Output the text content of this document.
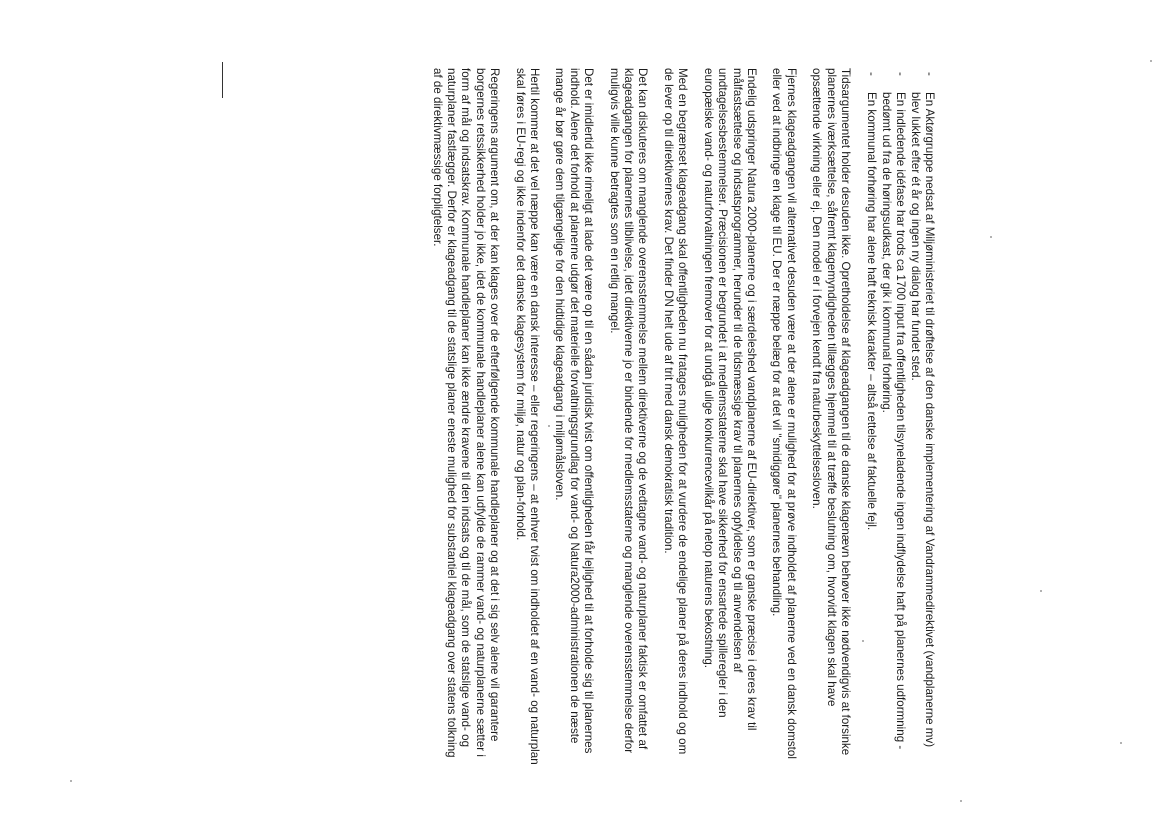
- En Aktørgruppe nedsat af Miljøministeriet til drøftelse af den danske implementering af Vandrammedirektivet (vandplanerne mv) blev lukket efter ét år og ingen ny dialog har fundet sted.
- En indledende idéfase har trods ca 1700 input fra offentligheden tilsyneladende ingen indflydelse haft på planernes udformning - bedømt ud fra de høringsudkast, der gik i kommunal forhøring.
- En kommunal forhøring har alene haft teknisk karakter – altså rettelse af faktuelle fejl.

Tidsargumentet holder desuden ikke. Opretholdelse af klageadgangen til de danske klagenævn behøver ikke nødvendigvis at forsinke planernes iværksættelse, såfremt klagemyndigheden tillægges hjemmel til at træffe beslutning om, hvorvidt klagen skal have opsættende virkning eller ej. Den model er i forvejen kendt fra naturbeskyttelsesloven.

Fjernes klageadgangen vil alternativet desuden være at der alene er mulighed for at prøve indholdet af planerne ved en dansk domstol eller ved at indbringe en klage til EU. Der er næppe belæg for at det vil "smidiggøre" planernes behandling.

Endelig udspringer Natura 2000-planerne og i særdeleshed vandplanerne af EU-direktiver, som er ganske præcise i deres krav til målfastsættelse og indsatsprogrammer, herunder til de tidsmæssige krav til planernes opfyldelse og til anvendelsen af undtagelsesbestemmelser. Præcisionen er begrundet i at medlemsstaterne skal have sikkerhed for ensartede spilleregler i den europæiske vand- og naturforvaltningen fremover for at undgå ulige konkurrencevilkår på netop naturens bekostning.

Med en begrænset klageadgang skal offentligheden nu fratages muligheden for at vurdere de endelige planer på deres indhold og om de lever op til direktivernes krav. Det finder DN helt ude af trit med dansk demokratisk tradition.

Det kan diskuteres om manglende overensstemmelse mellem direktiverne og de vedtagne vand- og naturplaner faktisk er omfattet af klageadgangen for planernes tilblivelse, idet direktiverne jo er bindende for medlemsstaterne og manglende overensstemmelse derfor muligvis ville kunne betragtes som en retlig mangel.

Det er imidlertid ikke rimeligt at lade det være op til en sådan juridisk tvist om offentligheden får lejlighed til at forholde sig til planernes indhold. Alene det forhold at planerne udgør det materielle forvaltningsgrundlag for vand- og Natura2000-administrationen de næste mange år bør gøre dem tilgængelige for den hidtidige klageadgang i miljømålsloven.

Hertil kommer at det vel næppe kan være en dansk interesse – eller regeringens – at enhver tvist om indholdet af en vand- og naturplan skal føres i EU-regi og ikke indenfor det danske klagesystem for miljø, natur og plan-forhold.

Regeringens argument om, at der kan klages over de efterfølgende kommunale handleplaner og at det i sig selv alene vil garantere borgernes retssikkerhed holder jo ikke, idet de kommunale handleplaner alene kan udfylde de rammer vand- og naturplanerne sætter i form af mål og indsatskrav. Kommunale handleplaner kan ikke ændre kravene til den indsats og til de mål, som de statslige vand- og naturplaner fastlægger. Derfor er klageadgang til de statslige planer eneste mulighed for substantiel klageadgang over statens tolkning af de direktivmæssige forpligtelser.
